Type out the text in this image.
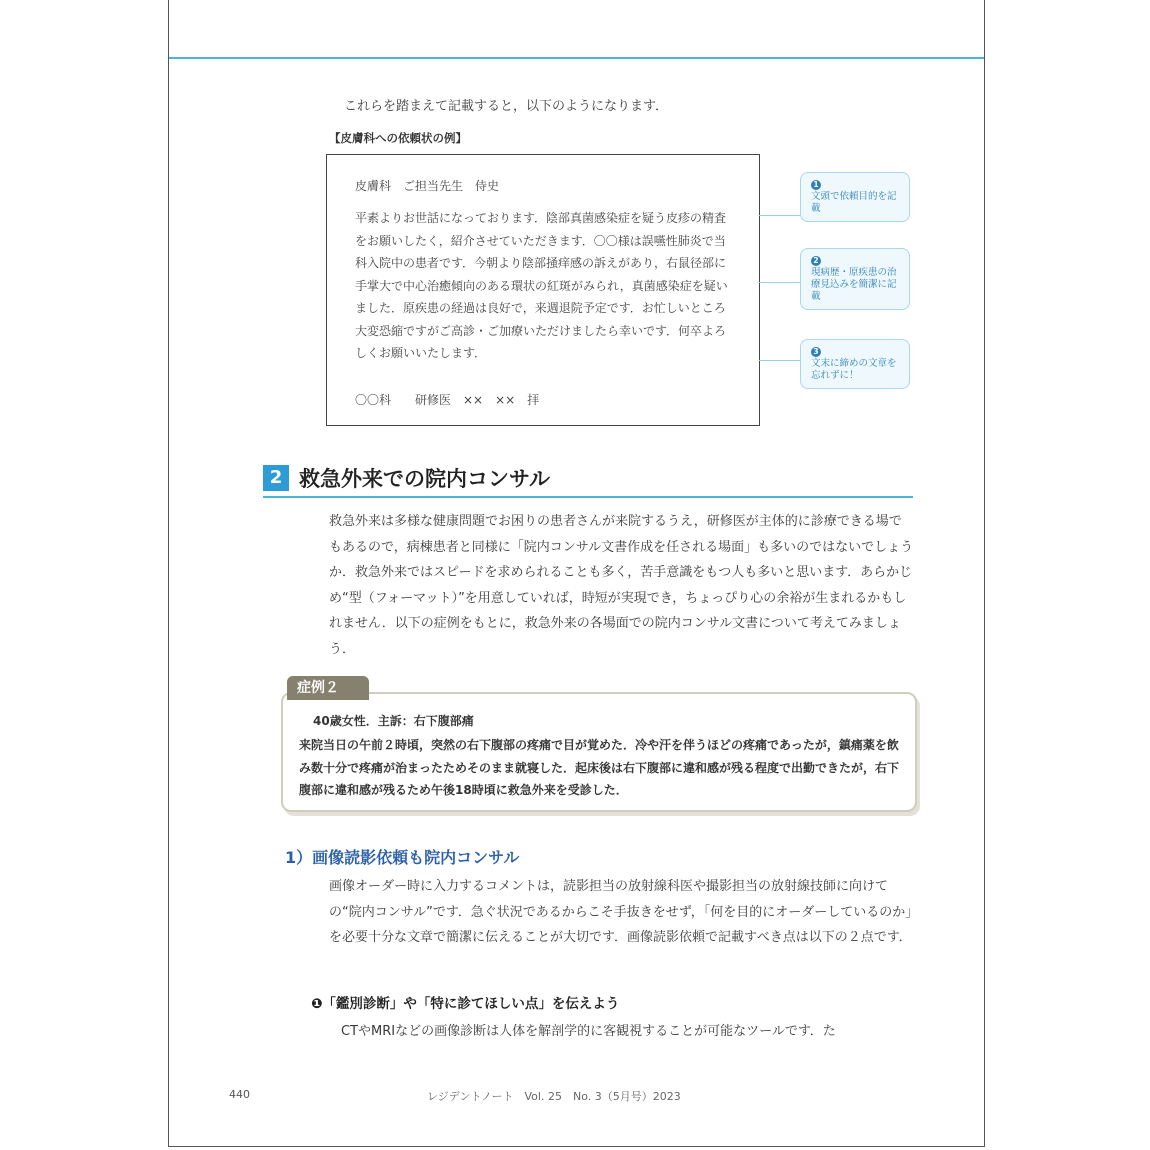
これらを踏まえて記載すると，以下のようになります．
【皮膚科への依頼状の例】
皮膚科　ご担当先生　侍史
平素よりお世話になっております．陰部真菌感染症を疑う皮疹の精査をお願いしたく，紹介させていただきます．〇〇様は誤嚥性肺炎で当科入院中の患者です．今朝より陰部掻痒感の訴えがあり，右鼠径部に手掌大で中心治癒傾向のある環状の紅斑がみられ，真菌感染症を疑いました．原疾患の経過は良好で，来週退院予定です．お忙しいところ大変恐縮ですがご高診・ご加療いただけましたら幸いです．何卒よろしくお願いいたします．
〇〇科　　研修医　××　××　拝
1
文頭で依頼目的を記載
2
現病歴・原疾患の治療見込みを簡潔に記載
3
文末に締めの文章を忘れずに！
2 救急外来での院内コンサル
救急外来は多様な健康問題でお困りの患者さんが来院するうえ，研修医が主体的に診療できる場でもあるので，病棟患者と同様に「院内コンサル文書作成を任される場面」も多いのではないでしょうか．救急外来ではスピードを求められることも多く，苦手意識をもつ人も多いと思います．あらかじめ“型（フォーマット）”を用意していれば，時短が実現でき，ちょっぴり心の余裕が生まれるかもしれません．以下の症例をもとに，救急外来の各場面での院内コンサル文書について考えてみましょう．
40歳女性．主訴：右下腹部痛
来院当日の午前２時頃，突然の右下腹部の疼痛で目が覚めた．冷や汗を伴うほどの疼痛であったが，鎮痛薬を飲み数十分で疼痛が治まったためそのまま就寝した．起床後は右下腹部に違和感が残る程度で出勤できたが，右下腹部に違和感が残るため午後18時頃に救急外来を受診した．
症例２
1）画像読影依頼も院内コンサル
画像オーダー時に入力するコメントは，読影担当の放射線科医や撮影担当の放射線技師に向けての“院内コンサル”です．急ぐ状況であるからこそ手抜きをせず，「何を目的にオーダーしているのか」を必要十分な文章で簡潔に伝えることが大切です．画像読影依頼で記載すべき点は以下の２点です．
❶「鑑別診断」や「特に診てほしい点」を伝えよう
CTやMRIなどの画像診断は人体を解剖学的に客観視することが可能なツールです．た
440	レジデントノート　Vol. 25　No. 3（5月号）2023
